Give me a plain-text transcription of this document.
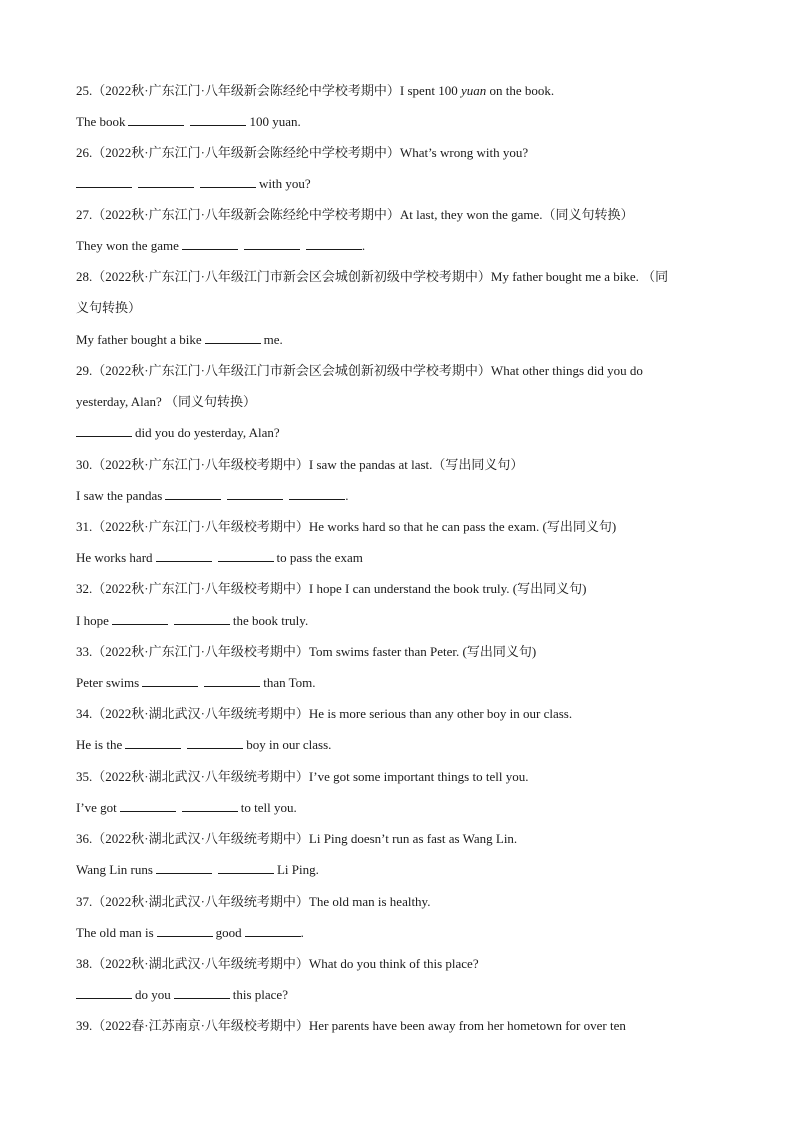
25.（2022秋·广东江门·八年级新会陈经纶中学校考期中）I spent 100 yuan on the book.
The book	100 yuan.
26.（2022秋·广东江门·八年级新会陈经纶中学校考期中）What’s wrong with you?
with you?
27.（2022秋·广东江门·八年级新会陈经纶中学校考期中）At last, they won the game.（同义句转换）
They won the game	.
28.（2022秋·广东江门·八年级江门市新会区会城创新初级中学校考期中）My father bought me a bike. （同
义句转换）
My father bought a bike	me.
29.（2022秋·广东江门·八年级江门市新会区会城创新初级中学校考期中）What other things did you do
yesterday, Alan? （同义句转换）
did you do yesterday, Alan?
30.（2022秋·广东江门·八年级校考期中）I saw the pandas at last.（写出同义句）
I saw the pandas	.
31.（2022秋·广东江门·八年级校考期中）He works hard so that he can pass the exam. (写出同义句)
He works hard	to pass the exam
32.（2022秋·广东江门·八年级校考期中）I hope I can understand the book truly. (写出同义句)
I hope	the book truly.
33.（2022秋·广东江门·八年级校考期中）Tom swims faster than Peter. (写出同义句)
Peter swims	than Tom.
34.（2022秋·湖北武汉·八年级统考期中）He is more serious than any other boy in our class.
He is the	boy in our class.
35.（2022秋·湖北武汉·八年级统考期中）I’ve got some important things to tell you.
I’ve got	to tell you.
36.（2022秋·湖北武汉·八年级统考期中）Li Ping doesn’t run as fast as Wang Lin.
Wang Lin runs	Li Ping.
37.（2022秋·湖北武汉·八年级统考期中）The old man is healthy.
The old man is	good	.
38.（2022秋·湖北武汉·八年级统考期中）What do you think of this place?
do you	this place?
39.（2022春·江苏南京·八年级校考期中）Her parents have been away from her hometown for over ten
